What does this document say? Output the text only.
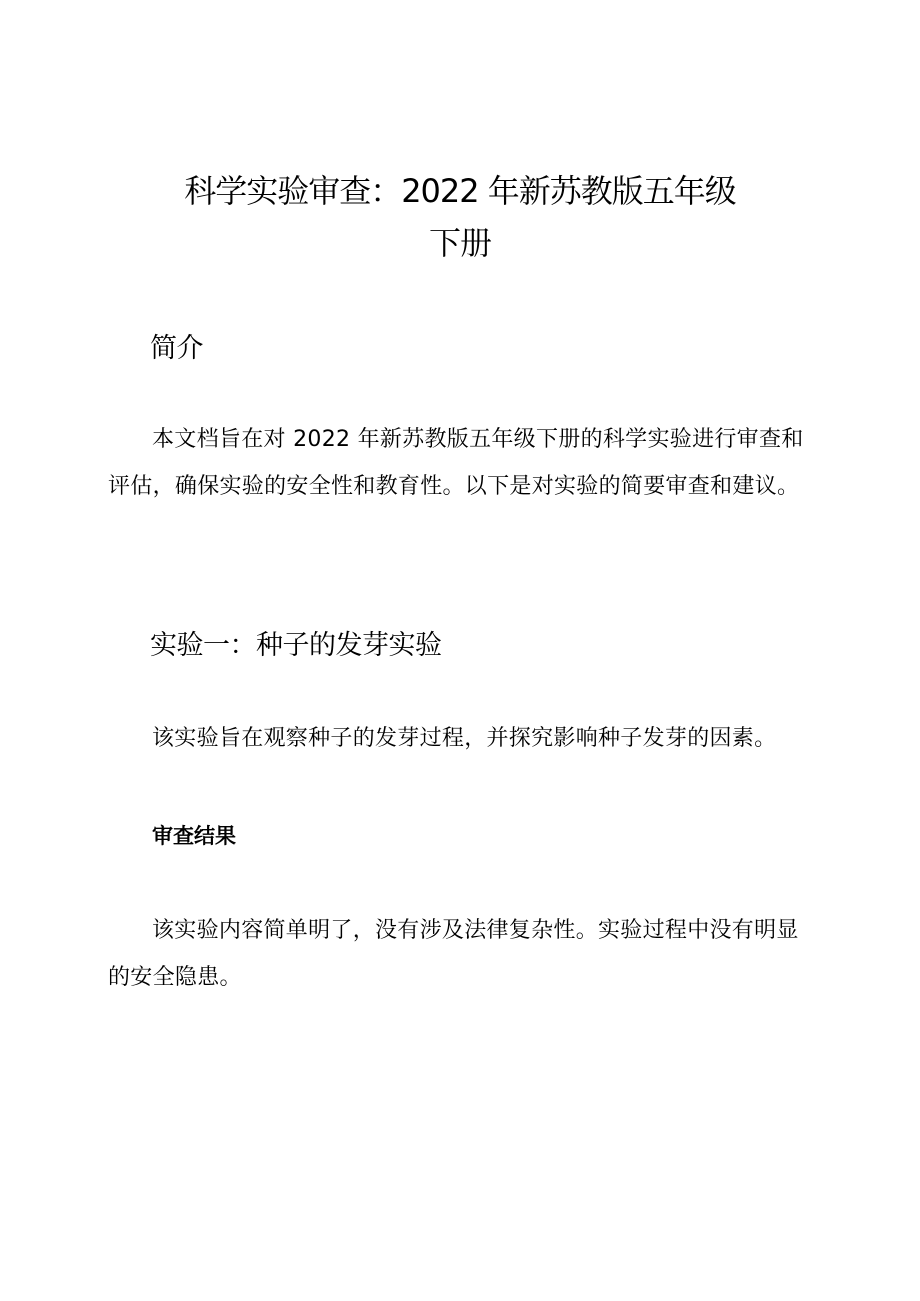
科学实验审查：2022 年新苏教版五年级
下册
简介

本文档旨在对 2022 年新苏教版五年级下册的科学实验进行审查和评估，确保实验的安全性和教育性。以下是对实验的简要审查和建议。

实验一：种子的发芽实验

该实验旨在观察种子的发芽过程，并探究影响种子发芽的因素。

审查结果

该实验内容简单明了，没有涉及法律复杂性。实验过程中没有明显的安全隐患。
